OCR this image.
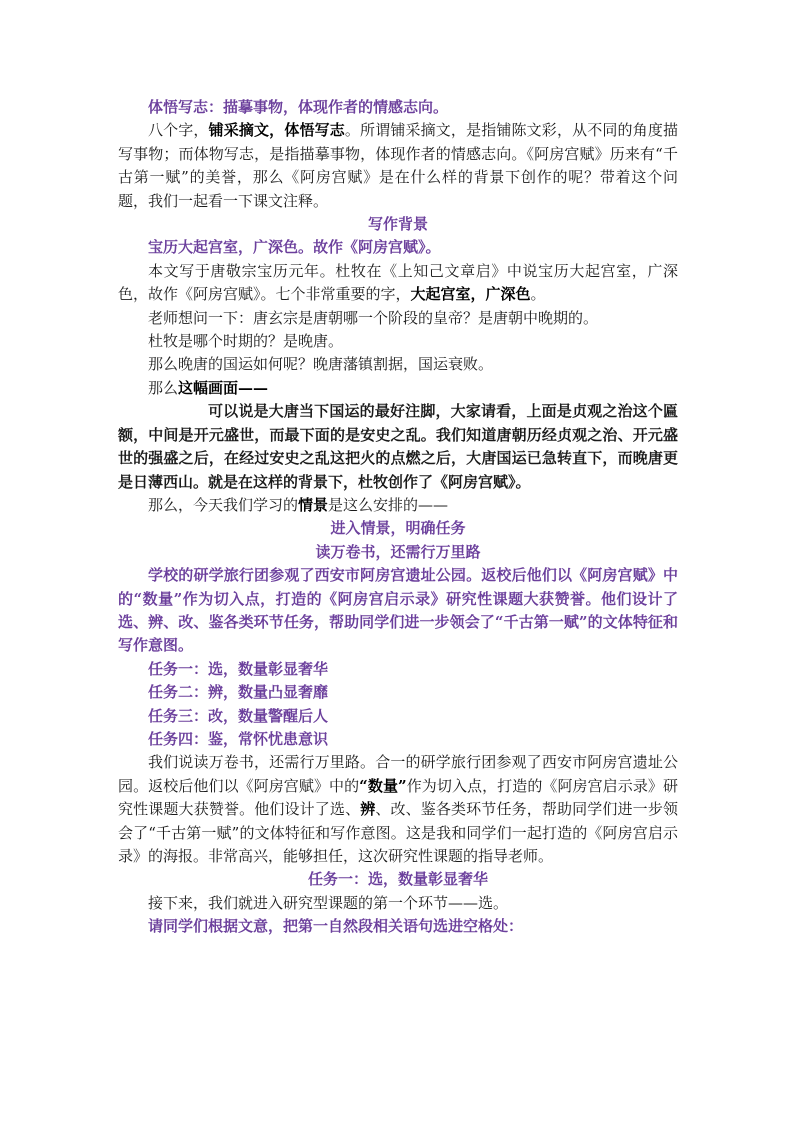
体悟写志：描摹事物，体现作者的情感志向。

八个字，铺采摘文，体悟写志。所谓铺采摘文，是指铺陈文彩，从不同的角度描写事物；而体物写志，是指描摹事物，体现作者的情感志向。《阿房宫赋》历来有“千古第一赋”的美誉，那么《阿房宫赋》是在什么样的背景下创作的呢？带着这个问题，我们一起看一下课文注释。

写作背景

宝历大起宫室，广深色。故作《阿房宫赋》。

本文写于唐敬宗宝历元年。杜牧在《上知己文章启》中说宝历大起宫室，广深色，故作《阿房宫赋》。七个非常重要的字，大起宫室，广深色。

老师想问一下：唐玄宗是唐朝哪一个阶段的皇帝？是唐朝中晚期的。

杜牧是哪个时期的？是晚唐。

那么晚唐的国运如何呢？晚唐藩镇割据，国运衰败。

那么这幅画面——

可以说是大唐当下国运的最好注脚，大家请看，上面是贞观之治这个匾额，中间是开元盛世，而最下面的是安史之乱。我们知道唐朝历经贞观之治、开元盛世的强盛之后，在经过安史之乱这把火的点燃之后，大唐国运已急转直下，而晚唐更是日薄西山。就是在这样的背景下，杜牧创作了《阿房宫赋》。

那么，今天我们学习的情景是这么安排的——

进入情景，明确任务

读万卷书，还需行万里路

学校的研学旅行团参观了西安市阿房宫遗址公园。返校后他们以《阿房宫赋》中的“数量”作为切入点，打造的《阿房宫启示录》研究性课题大获赞誉。他们设计了选、辨、改、鉴各类环节任务，帮助同学们进一步领会了“千古第一赋”的文体特征和写作意图。

任务一：选，数量彰显奢华

任务二：辨，数量凸显奢靡

任务三：改，数量警醒后人

任务四：鉴，常怀忧患意识

我们说读万卷书，还需行万里路。合一的研学旅行团参观了西安市阿房宫遗址公园。返校后他们以《阿房宫赋》中的“数量”作为切入点，打造的《阿房宫启示录》研究性课题大获赞誉。他们设计了选、辨、改、鉴各类环节任务，帮助同学们进一步领会了“千古第一赋”的文体特征和写作意图。这是我和同学们一起打造的《阿房宫启示录》的海报。非常高兴，能够担任，这次研究性课题的指导老师。

任务一：选，数量彰显奢华

接下来，我们就进入研究型课题的第一个环节——选。

请同学们根据文意，把第一自然段相关语句选进空格处：
